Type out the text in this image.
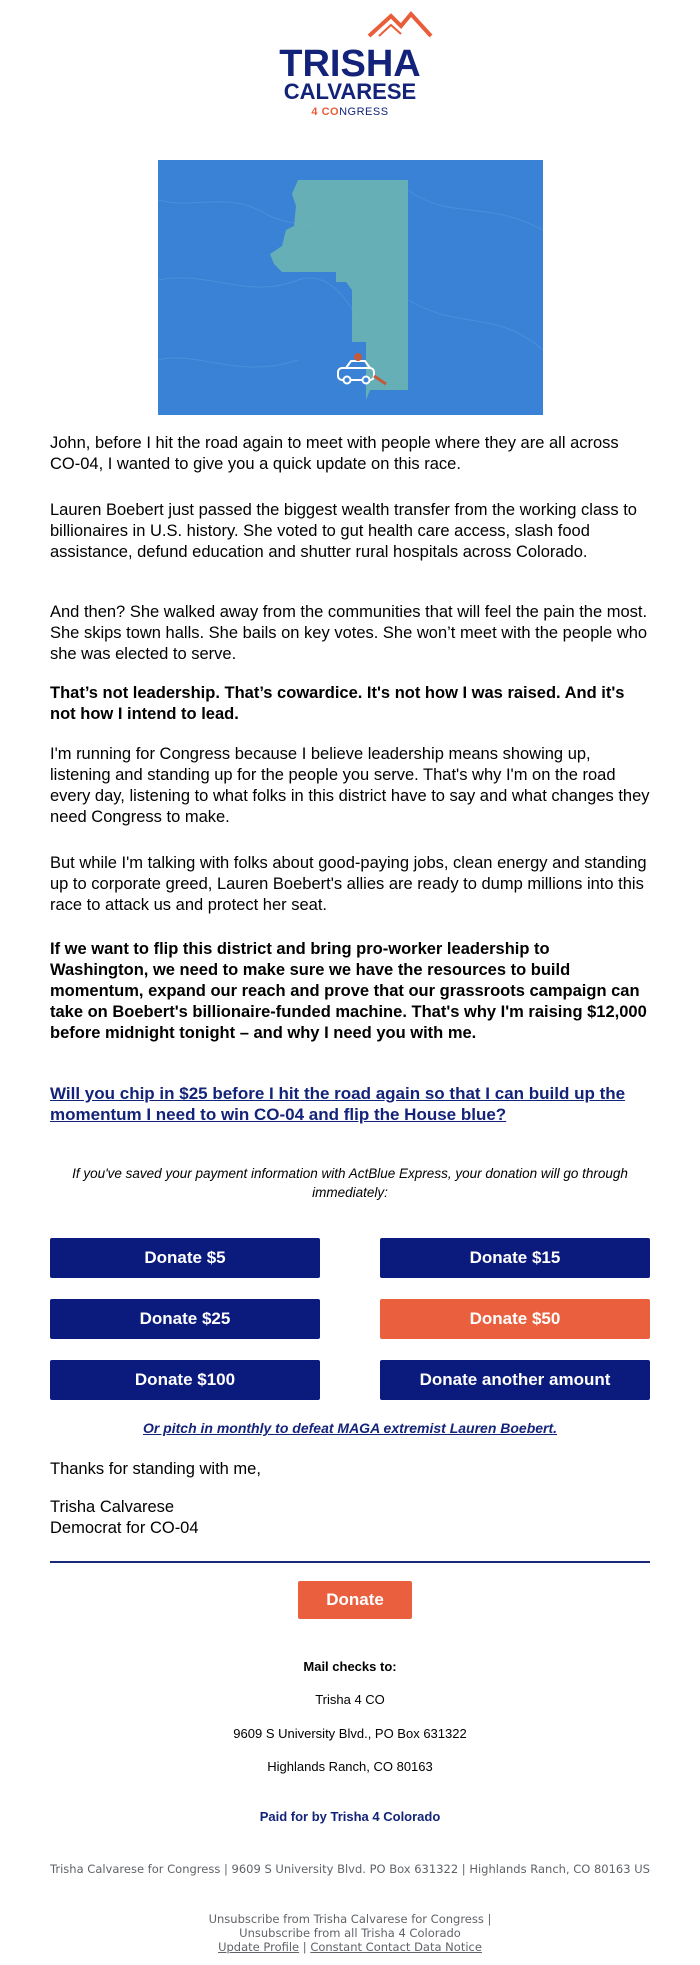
TRISHA
CALVARESE
4 CONGRESS
John, before I hit the road again to meet with people where they are all across CO-04, I wanted to give you a quick update on this race.
Lauren Boebert just passed the biggest wealth transfer from the working class to billionaires in U.S. history. She voted to gut health care access, slash food assistance, defund education and shutter rural hospitals across Colorado.
And then? She walked away from the communities that will feel the pain the most. She skips town halls. She bails on key votes. She won’t meet with the people who she was elected to serve.
That’s not leadership. That’s cowardice. It's not how I was raised. And it's not how I intend to lead.
I'm running for Congress because I believe leadership means showing up, listening and standing up for the people you serve. That's why I'm on the road every day, listening to what folks in this district have to say and what changes they need Congress to make.
But while I'm talking with folks about good-paying jobs, clean energy and standing up to corporate greed, Lauren Boebert's allies are ready to dump millions into this race to attack us and protect her seat.
If we want to flip this district and bring pro-worker leadership to Washington, we need to make sure we have the resources to build momentum, expand our reach and prove that our grassroots campaign can take on Boebert's billionaire-funded machine. That's why I'm raising $12,000 before midnight tonight – and why I need you with me.
Will you chip in $25 before I hit the road again so that I can build up the momentum I need to win CO-04 and flip the House blue?
If you've saved your payment information with ActBlue Express, your donation will go through immediately:
Donate $5	Donate $15
Donate $25	Donate $50
Donate $100	Donate another amount
Or pitch in monthly to defeat MAGA extremist Lauren Boebert.
Thanks for standing with me,
Trisha Calvarese
Democrat for CO-04
Donate
Mail checks to:
Trisha 4 CO
9609 S University Blvd., PO Box 631322
Highlands Ranch, CO 80163
Paid for by Trisha 4 Colorado
Trisha Calvarese for Congress | 9609 S University Blvd. PO Box 631322 | Highlands Ranch, CO 80163 US
Unsubscribe from Trisha Calvarese for Congress |
Unsubscribe from all Trisha 4 Colorado
Update Profile | Constant Contact Data Notice
